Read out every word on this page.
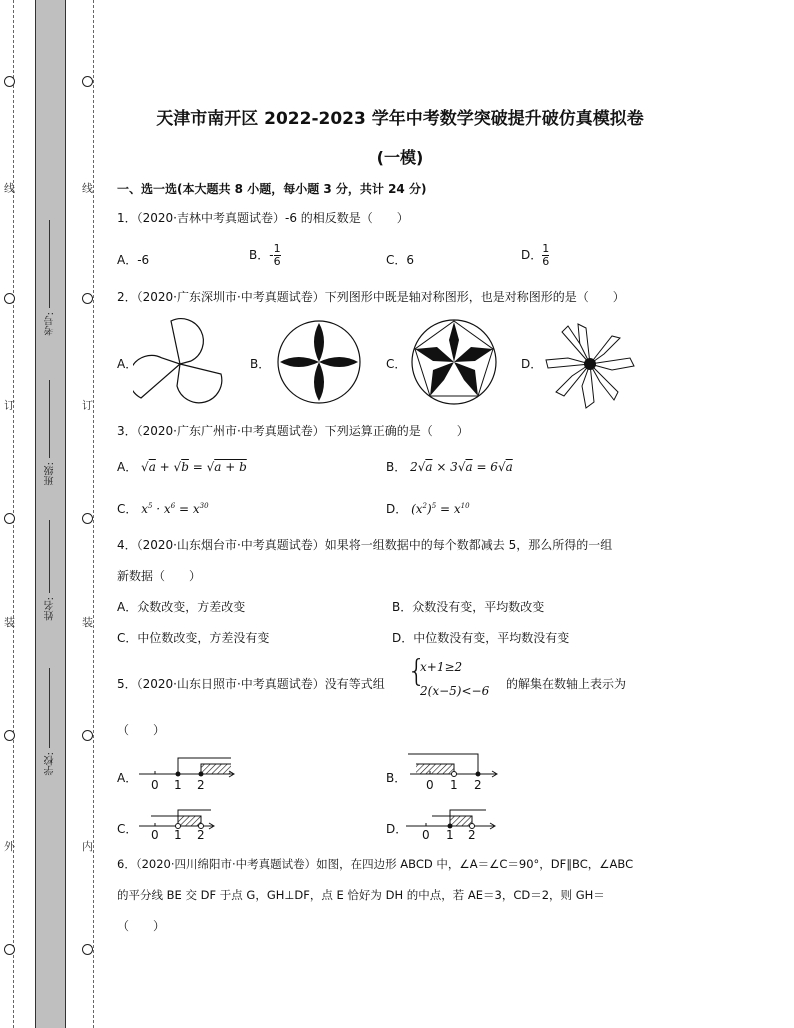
线
订
装
外
线
订
装
内
考号:
班级:
姓名:
学校:
天津市南开区 2022-2023 学年中考数学突破提升破仿真模拟卷
(一模)
一、选一选(本大题共 8 小题，每小题 3 分，共计 24 分)
1．（2020·吉林中考真题试卷）-6 的相反数是（　　）
A．-6	B．- $\frac{1}{6}$	C．6	D． $\frac{1}{6}$
2．（2020·广东深圳市·中考真题试卷）下列图形中既是轴对称图形，也是对称图形的是（　　）
A．	B．	C．	D．
3．（2020·广东广州市·中考真题试卷）下列运算正确的是（　　）
A． √a + √b = √a + b	B． 2√a × 3√a = 6√a
C． $x^5 \cdot x^6 = x^{30}$	D． $(x^2)^5 = x^{10}$
4．（2020·山东烟台市·中考真题试卷）如果将一组数据中的每个数都减去 5，那么所得的一组
新数据（　　）
A．众数改变，方差改变	B．众数没有变，平均数改变
C．中位数改变，方差没有变	D．中位数没有变，平均数没有变
5．（2020·山东日照市·中考真题试卷）没有等式组 {
x+1≥2
2(x−5)<−6 的解集在数轴上表示为
（　　）
A． 0 1 2	B． 0 1 2
C． 0 1 2	D． 0 1 2
6．（2020·四川绵阳市·中考真题试卷）如图，在四边形 ABCD 中，∠A＝∠C＝90°，DF∥BC，∠ABC
的平分线 BE 交 DF 于点 G，GH⊥DF，点 E 恰好为 DH 的中点，若 AE＝3，CD＝2，则 GH＝
（　　）
